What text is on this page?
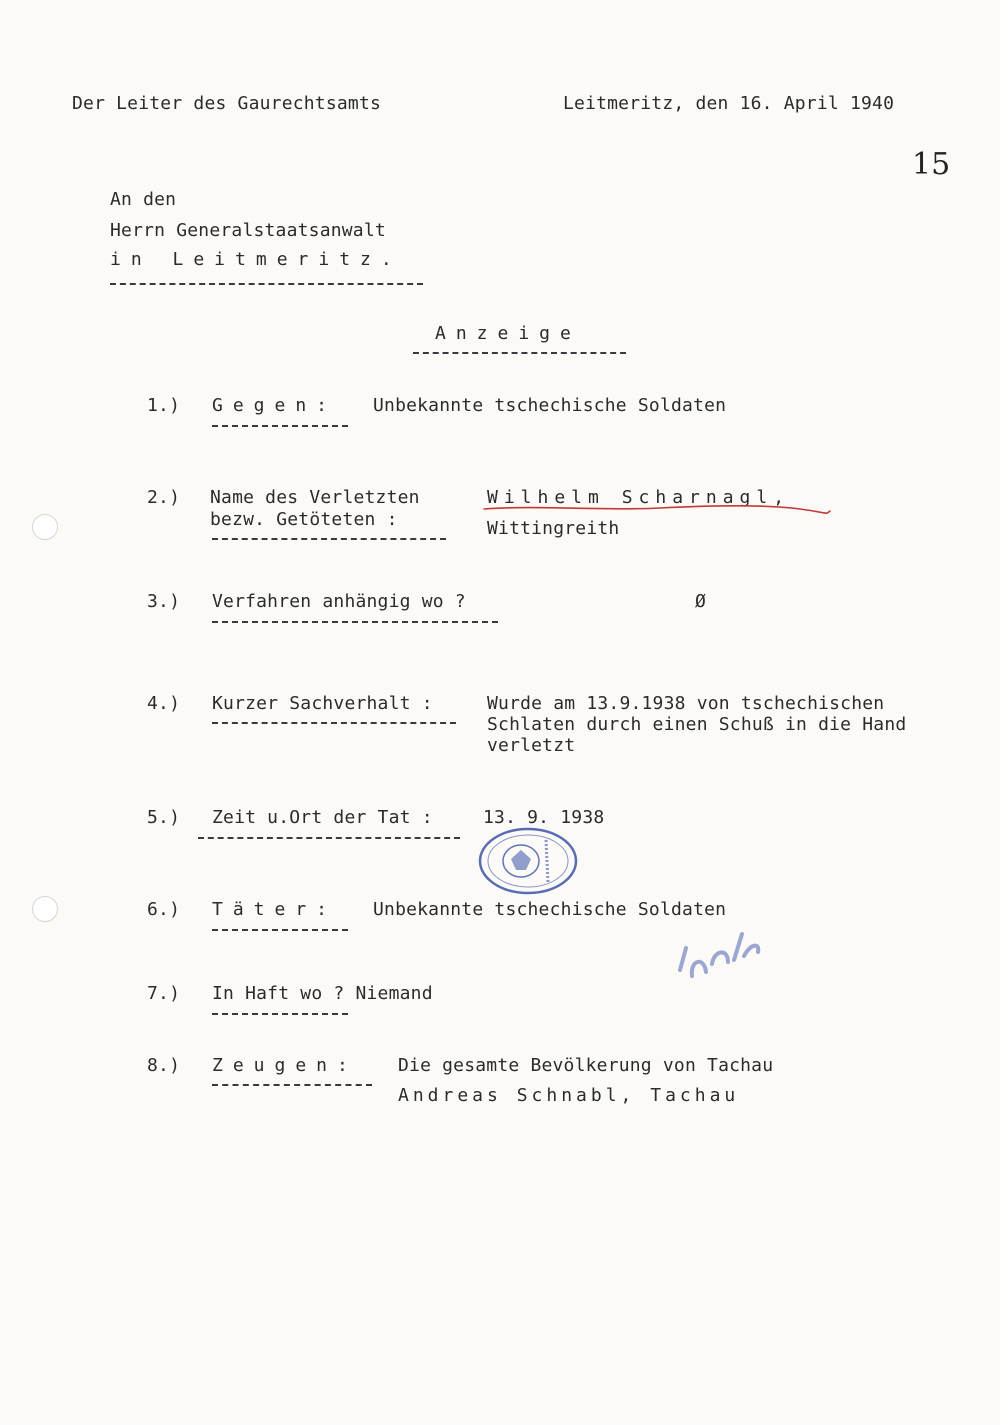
Der Leiter des Gaurechtsamts	Leitmeritz, den 16. April 1940
15
An den
Herrn Generalstaatsanwalt
in Leitmeritz.
Anzeige
1.) Gegen: Unbekannte tschechische Soldaten
2.) Name des Verletzten
bezw. Getöteten :
Wilhelm Scharnagl,
Wittingreith
3.) Verfahren anhängig wo ?	Ø
4.) Kurzer Sachverhalt :	Wurde am 13.9.1938 von tschechischen
Schlaten durch einen Schuß in die Hand
verletzt
5.) Zeit u.Ort der Tat :	13. 9. 1938
6.) Täter: Unbekannte tschechische Soldaten
7.) In Haft wo ? Niemand
8.) Zeugen: Die gesamte Bevölkerung von Tachau
Andreas Schnabl, Tachau
